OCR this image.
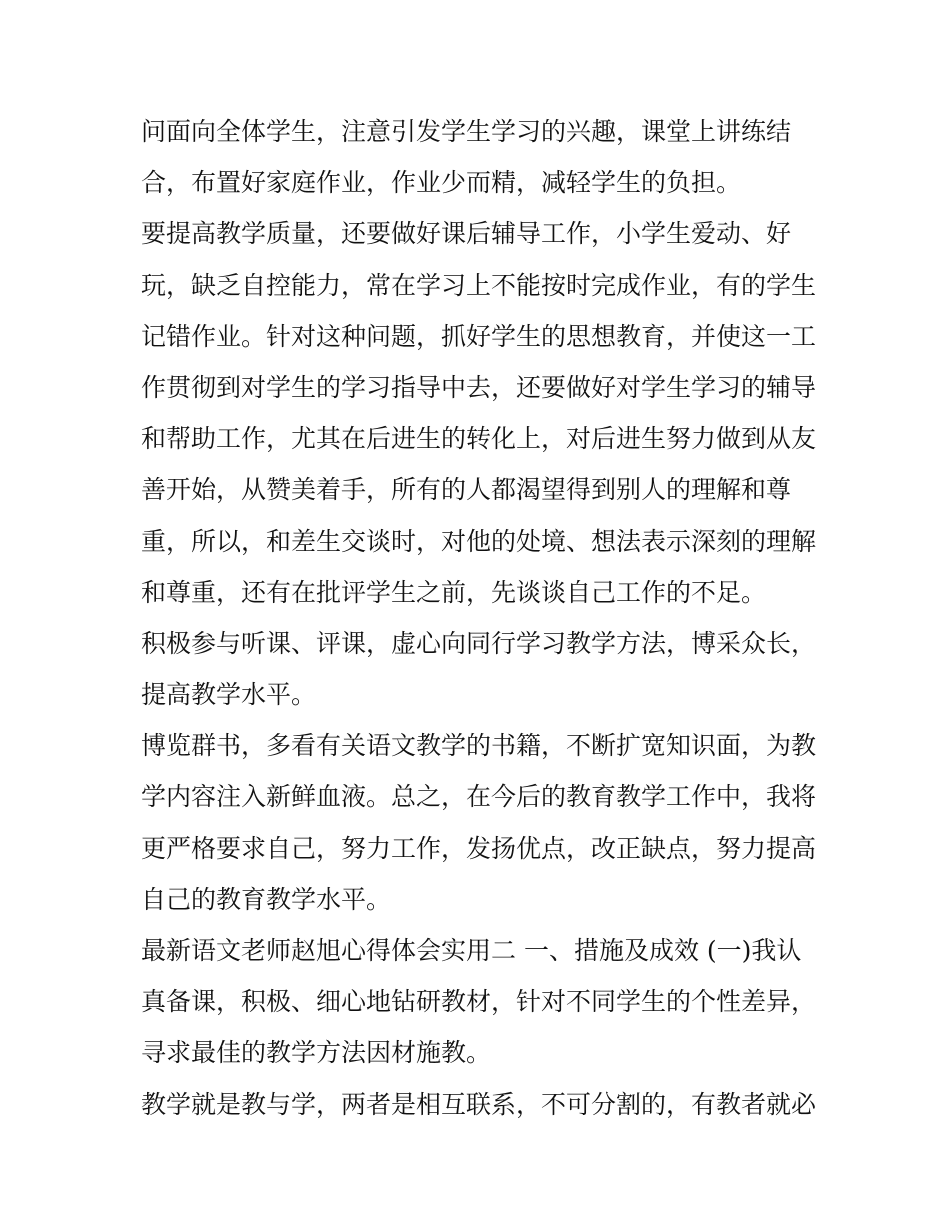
问面向全体学生，注意引发学生学习的兴趣，课堂上讲练结
合，布置好家庭作业，作业少而精，减轻学生的负担。
要提高教学质量，还要做好课后辅导工作，小学生爱动、好
玩，缺乏自控能力，常在学习上不能按时完成作业，有的学生
记错作业。针对这种问题，抓好学生的思想教育，并使这一工
作贯彻到对学生的学习指导中去，还要做好对学生学习的辅导
和帮助工作，尤其在后进生的转化上，对后进生努力做到从友
善开始，从赞美着手，所有的人都渴望得到别人的理解和尊
重，所以，和差生交谈时，对他的处境、想法表示深刻的理解
和尊重，还有在批评学生之前，先谈谈自己工作的不足。
积极参与听课、评课，虚心向同行学习教学方法，博采众长，
提高教学水平。
博览群书，多看有关语文教学的书籍，不断扩宽知识面，为教
学内容注入新鲜血液。总之，在今后的教育教学工作中，我将
更严格要求自己，努力工作，发扬优点，改正缺点，努力提高
自己的教育教学水平。
最新语文老师赵旭心得体会实用二 一、措施及成效 (一)我认
真备课，积极、细心地钻研教材，针对不同学生的个性差异，
寻求最佳的教学方法因材施教。
教学就是教与学，两者是相互联系，不可分割的，有教者就必
